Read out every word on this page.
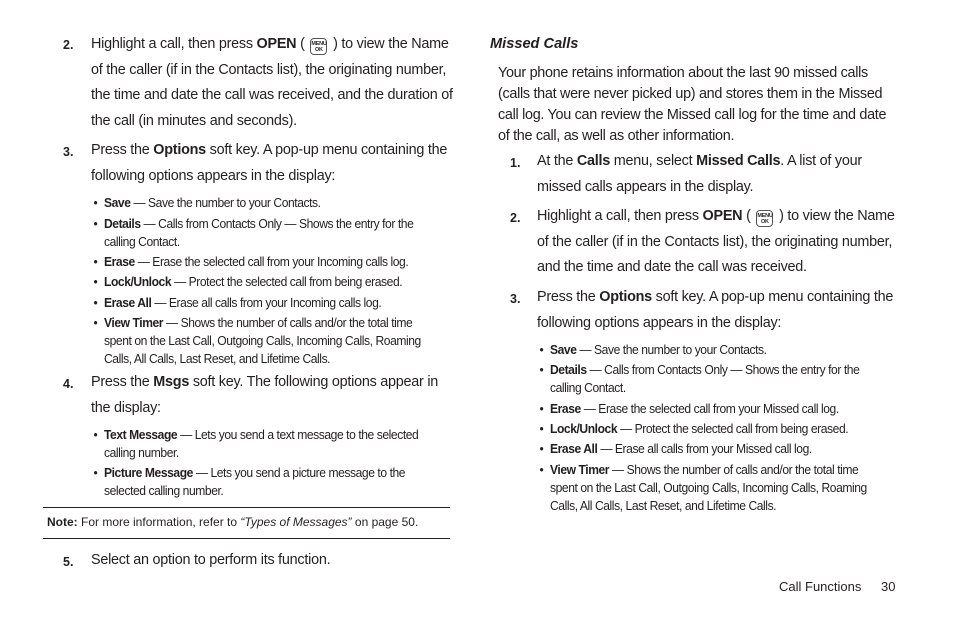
2. Highlight a call, then press OPEN ( MENU
OK ) to view the Name of the caller (if in the Contacts list), the originating number, the time and date the call was received, and the duration of the call (in minutes and seconds).
3. Press the Options soft key. A pop-up menu containing the following options appears in the display:
• Save — Save the number to your Contacts.
• Details — Calls from Contacts Only — Shows the entry for the calling Contact.
• Erase — Erase the selected call from your Incoming calls log.
• Lock/Unlock — Protect the selected call from being erased.
• Erase All — Erase all calls from your Incoming calls log.
• View Timer — Shows the number of calls and/or the total time spent on the Last Call, Outgoing Calls, Incoming Calls, Roaming Calls, All Calls, Last Reset, and Lifetime Calls.
4. Press the Msgs soft key. The following options appear in the display:
• Text Message — Lets you send a text message to the selected calling number.
• Picture Message — Lets you send a picture message to the selected calling number.
Note: For more information, refer to “Types of Messages” on page 50.
5. Select an option to perform its function.
Missed Calls
Your phone retains information about the last 90 missed calls (calls that were never picked up) and stores them in the Missed call log. You can review the Missed call log for the time and date of the call, as well as other information.
1. At the Calls menu, select Missed Calls. A list of your missed calls appears in the display.
2. Highlight a call, then press OPEN ( MENU
OK ) to view the Name of the caller (if in the Contacts list), the originating number, and the time and date the call was received.
3. Press the Options soft key. A pop-up menu containing the following options appears in the display:
• Save — Save the number to your Contacts.
• Details — Calls from Contacts Only — Shows the entry for the calling Contact.
• Erase — Erase the selected call from your Missed call log.
• Lock/Unlock — Protect the selected call from being erased.
• Erase All — Erase all calls from your Missed call log.
• View Timer — Shows the number of calls and/or the total time spent on the Last Call, Outgoing Calls, Incoming Calls, Roaming Calls, All Calls, Last Reset, and Lifetime Calls.
Call Functions 30
